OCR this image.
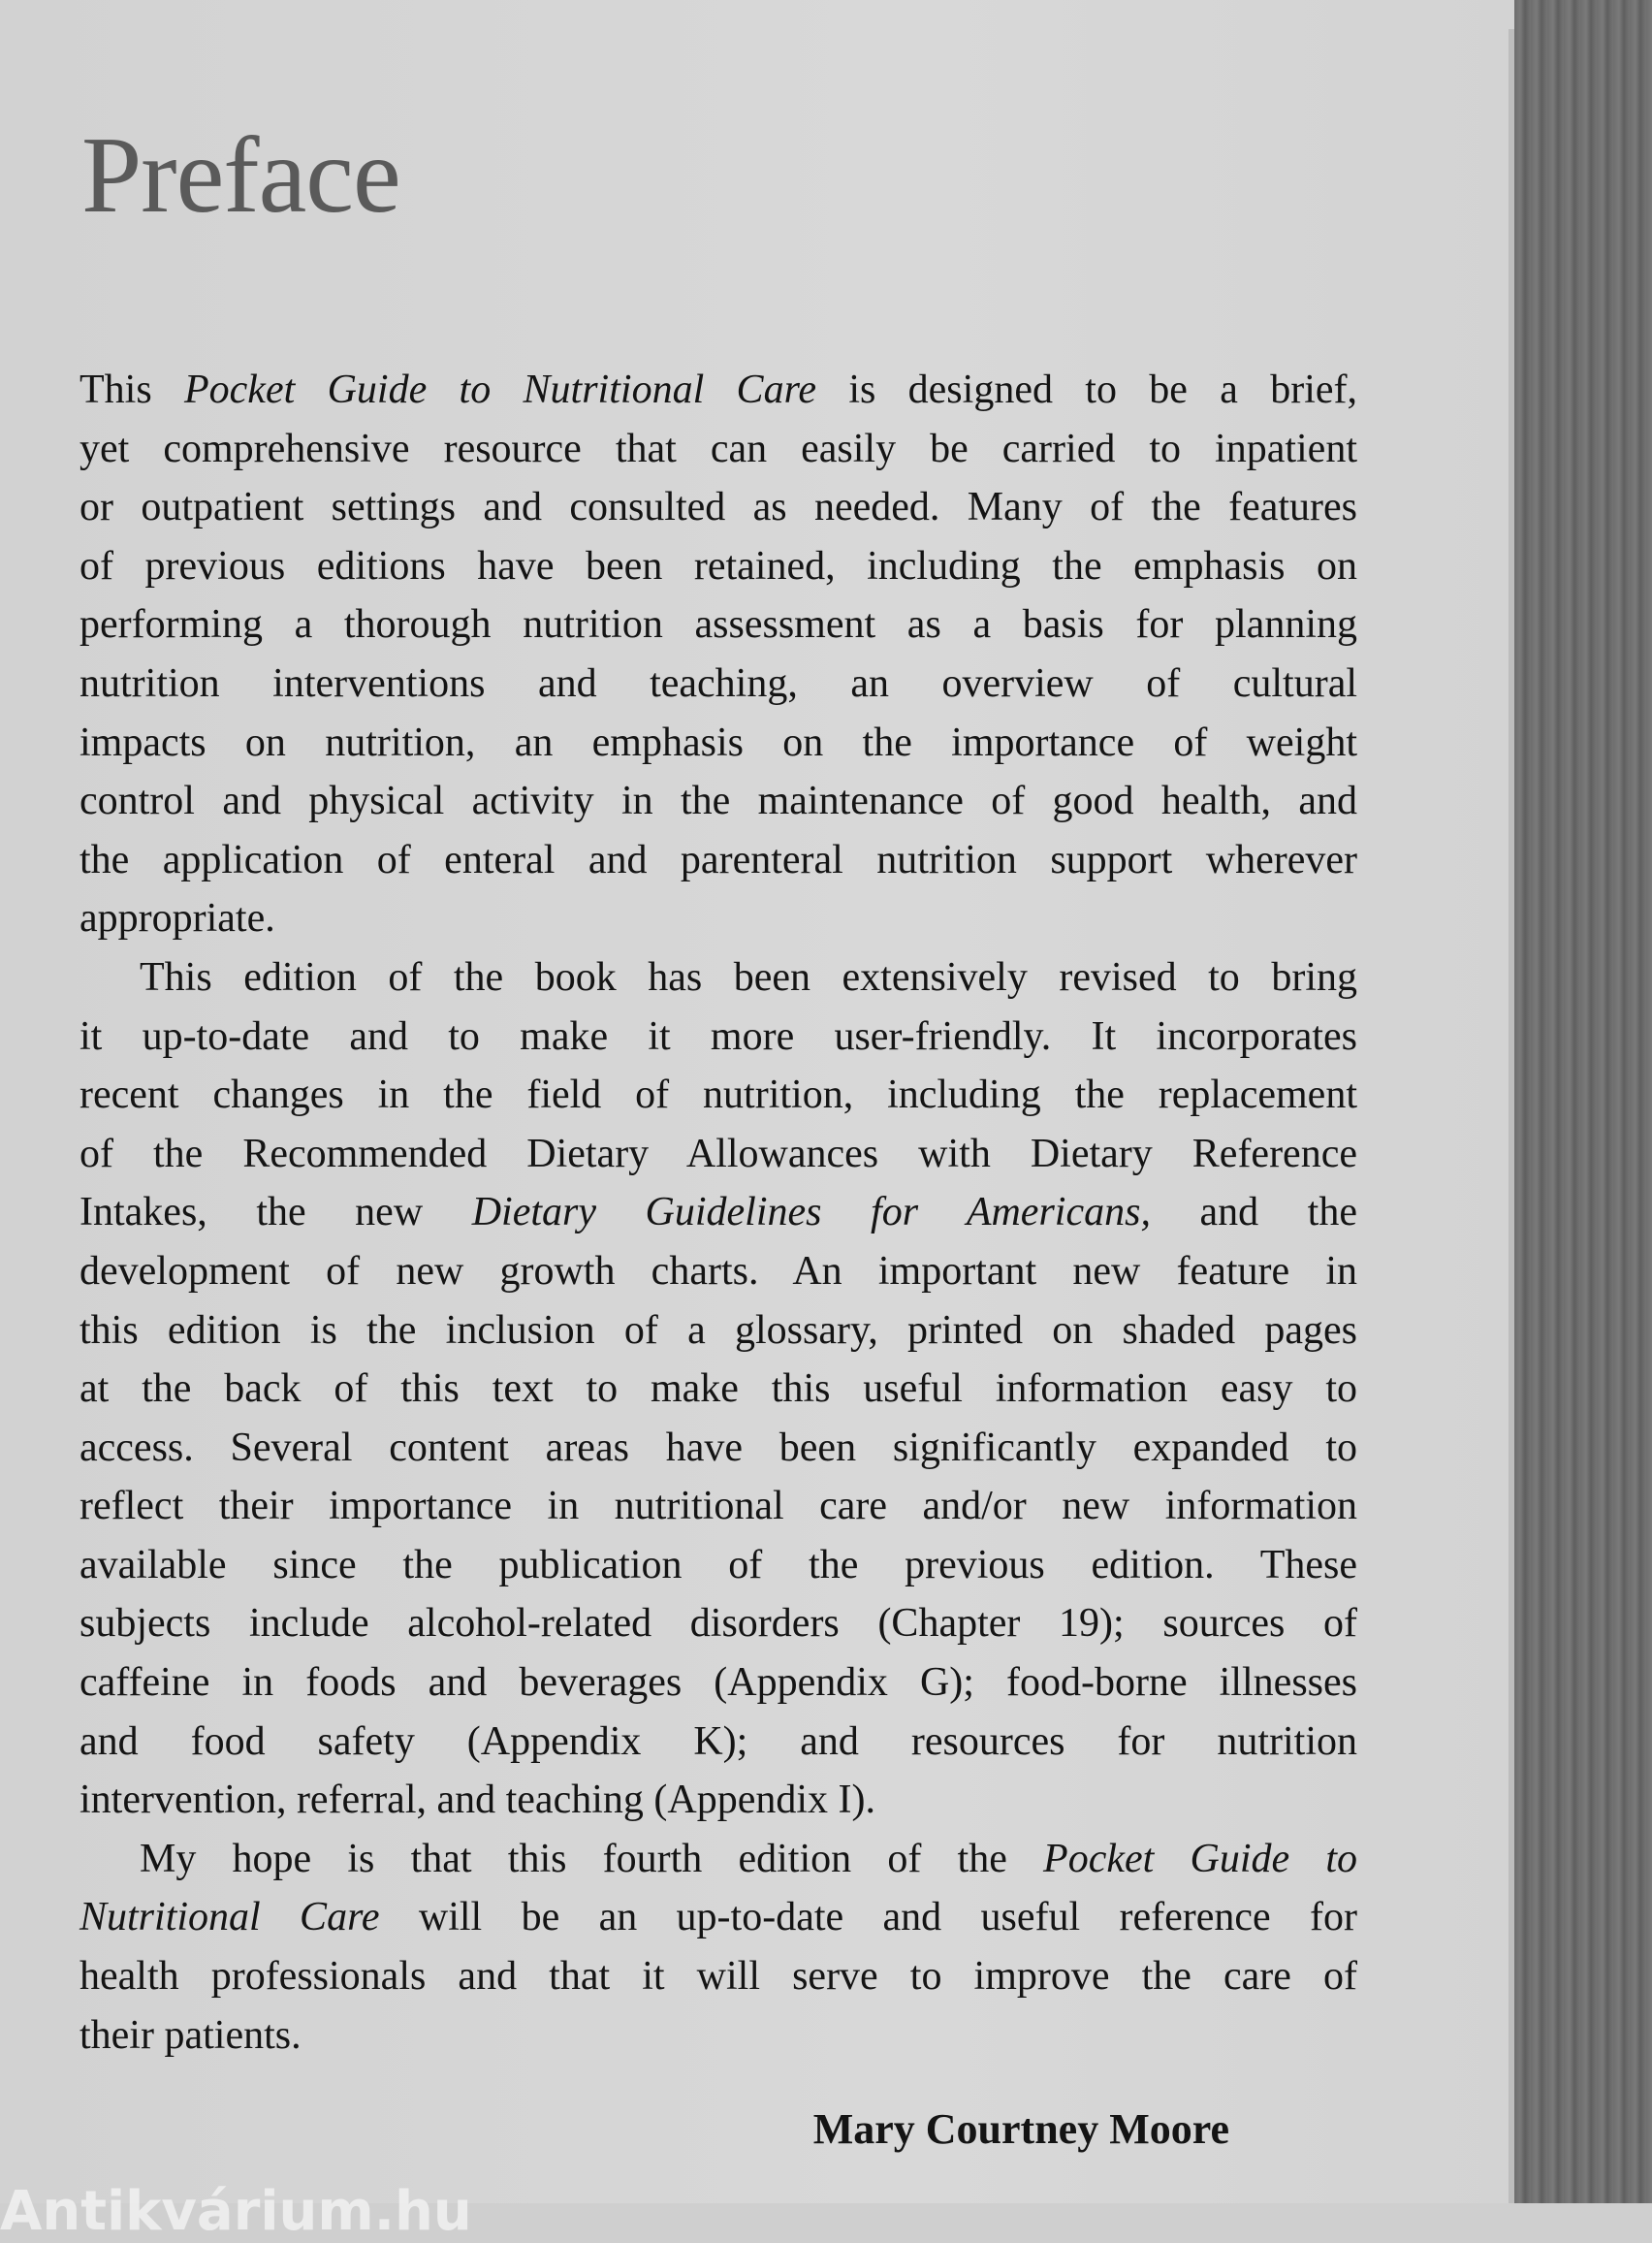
Preface
This Pocket Guide to Nutritional Care is designed to be a brief,
yet comprehensive resource that can easily be carried to inpatient
or outpatient settings and consulted as needed. Many of the features
of previous editions have been retained, including the emphasis on
performing a thorough nutrition assessment as a basis for planning
nutrition interventions and teaching, an overview of cultural
impacts on nutrition, an emphasis on the importance of weight
control and physical activity in the maintenance of good health, and
the application of enteral and parenteral nutrition support wherever
appropriate.
This edition of the book has been extensively revised to bring
it up-to-date and to make it more user-friendly. It incorporates
recent changes in the field of nutrition, including the replacement
of the Recommended Dietary Allowances with Dietary Reference
Intakes, the new Dietary Guidelines for Americans, and the
development of new growth charts. An important new feature in
this edition is the inclusion of a glossary, printed on shaded pages
at the back of this text to make this useful information easy to
access. Several content areas have been significantly expanded to
reflect their importance in nutritional care and/or new information
available since the publication of the previous edition. These
subjects include alcohol-related disorders (Chapter 19); sources of
caffeine in foods and beverages (Appendix G); food-borne illnesses
and food safety (Appendix K); and resources for nutrition
intervention, referral, and teaching (Appendix I).
My hope is that this fourth edition of the Pocket Guide to
Nutritional Care will be an up-to-date and useful reference for
health professionals and that it will serve to improve the care of
their patients.
Mary Courtney Moore
Antikvárium.hu
